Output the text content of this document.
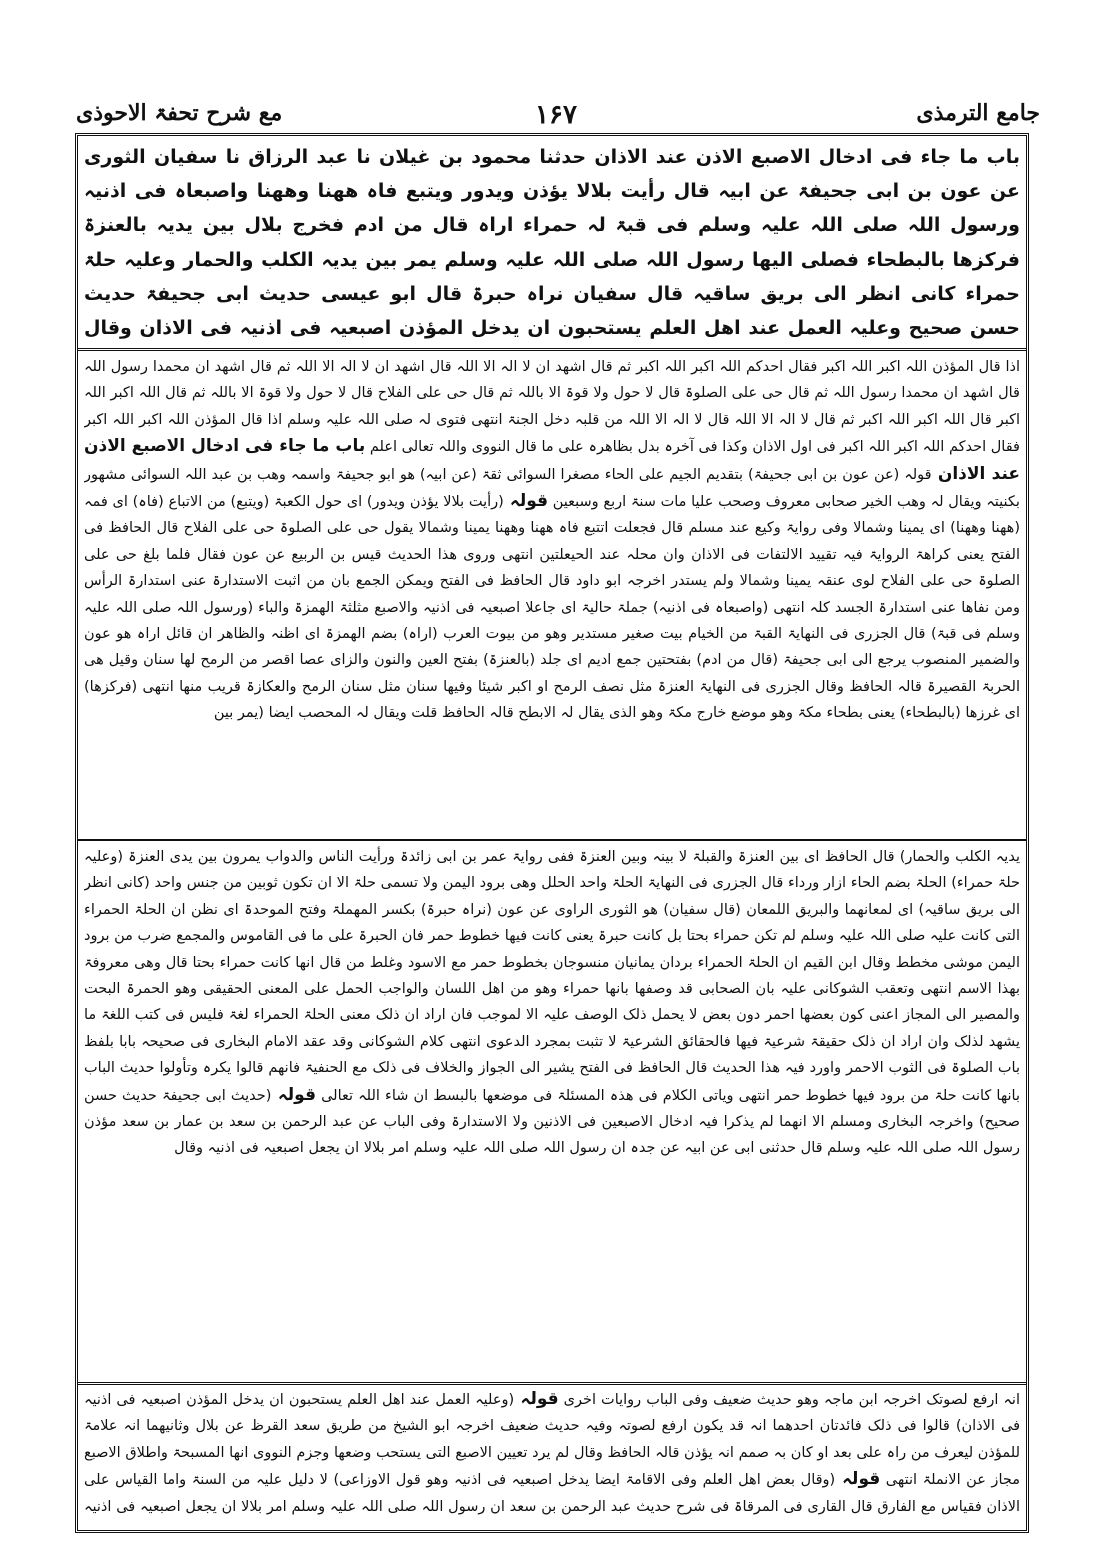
جامع الترمذی
۱۶۷
مع شرح تحفۃ الاحوذی

باب ما جاء فی ادخال الاصبع الاذن عند الاذان حدثنا محمود بن غیلان نا عبد الرزاق نا سفیان الثوری عن عون بن ابی جحیفۃ عن ابیہ قال رأیت بلالا یؤذن ویدور ویتبع فاہ ھھنا وھھنا واصبعاہ فی اذنیہ ورسول اللہ صلی اللہ علیہ وسلم فی قبۃ لہ حمراء اراہ قال من ادم فخرج بلال بین یدیہ بالعنزۃ فرکزھا بالبطحاء فصلی الیھا رسول اللہ صلی اللہ علیہ وسلم یمر بین یدیہ الکلب والحمار وعلیہ حلۃ حمراء کانی انظر الی بریق ساقیہ قال سفیان نراہ حبرۃ قال ابو عیسی حدیث ابی جحیفۃ حدیث حسن صحیح وعلیہ العمل عند اھل العلم یستحبون ان یدخل المؤذن اصبعیہ فی اذنیہ فی الاذان وقال

اذا قال المؤذن اللہ اکبر اللہ اکبر فقال احدکم اللہ اکبر اللہ اکبر ثم قال اشھد ان لا الہ الا اللہ قال اشھد ان لا الہ الا اللہ ثم قال اشھد ان محمدا رسول اللہ قال اشھد ان محمدا رسول اللہ ثم قال حی علی الصلوۃ قال لا حول ولا قوۃ الا باللہ ثم قال حی علی الفلاح قال لا حول ولا قوۃ الا باللہ ثم قال اللہ اکبر اللہ اکبر قال اللہ اکبر اللہ اکبر ثم قال لا الہ الا اللہ قال لا الہ الا اللہ من قلبہ دخل الجنۃ انتھی فتوی لہ صلی اللہ علیہ وسلم اذا قال المؤذن اللہ اکبر اللہ اکبر فقال احدکم اللہ اکبر اللہ اکبر فی اول الاذان وکذا فی آخرہ بدل بظاھرہ علی ما قال النووی واللہ تعالی اعلم باب ما جاء فی ادخال الاصبع الاذن عند الاذان قولہ (عن عون بن ابی جحیفۃ) بتقدیم الجیم علی الحاء مصغرا السوائی ثقۃ (عن ابیہ) ھو ابو جحیفۃ واسمہ وھب بن عبد اللہ السوائی مشھور بکنیتہ ویقال لہ وھب الخیر صحابی معروف وصحب علیا مات سنۃ اربع وسبعین قولہ (رأیت بلالا یؤذن ویدور) ای حول الکعبۃ (ویتبع) من الاتباع (فاہ) ای فمہ (ھھنا وھھنا) ای یمینا وشمالا وفی روایۃ وکیع عند مسلم قال فجعلت اتتبع فاہ ھھنا وھھنا یمینا وشمالا یقول حی علی الصلوۃ حی علی الفلاح قال الحافظ فی الفتح یعنی کراھۃ الروایۃ فیہ تقیید الالتفات فی الاذان وان محلہ عند الحیعلتین انتھی وروی ھذا الحدیث قیس بن الربیع عن عون فقال فلما بلغ حی علی الصلوۃ حی علی الفلاح لوی عنقہ یمینا وشمالا ولم یستدر اخرجہ ابو داود قال الحافظ فی الفتح ویمکن الجمع بان من اثبت الاستدارۃ عنی استدارۃ الرأس ومن نفاھا عنی استدارۃ الجسد کلہ انتھی (واصبعاہ فی اذنیہ) جملۃ حالیۃ ای جاعلا اصبعیہ فی اذنیہ والاصبع مثلثۃ الھمزۃ والباء (ورسول اللہ صلی اللہ علیہ وسلم فی قبۃ) قال الجزری فی النھایۃ القبۃ من الخیام بیت صغیر مستدیر وھو من بیوت العرب (اراہ) بضم الھمزۃ ای اظنہ والظاھر ان قائل اراہ ھو عون والضمیر المنصوب یرجع الی ابی جحیفۃ (قال من ادم) بفتحتین جمع ادیم ای جلد (بالعنزۃ) بفتح العین والنون والزای عصا اقصر من الرمح لھا سنان وقیل ھی الحربۃ القصیرۃ قالہ الحافظ وقال الجزری فی النھایۃ العنزۃ مثل نصف الرمح او اکبر شیئا وفیھا سنان مثل سنان الرمح والعکازۃ قریب منھا انتھی (فرکزھا) ای غرزھا (بالبطحاء) یعنی بطحاء مکۃ وھو موضع خارج مکۃ وھو الذی یقال لہ الابطح قالہ الحافظ قلت ویقال لہ المحصب ایضا (یمر بین

یدیہ الکلب والحمار) قال الحافظ ای بین العنزۃ والقبلۃ لا بینہ وبین العنزۃ ففی روایۃ عمر بن ابی زائدۃ ورأیت الناس والدواب یمرون بین یدی العنزۃ (وعلیہ حلۃ حمراء) الحلۃ بضم الحاء ازار ورداء قال الجزری فی النھایۃ الحلۃ واحد الحلل وھی برود الیمن ولا تسمی حلۃ الا ان تکون ثوبین من جنس واحد (کانی انظر الی بریق ساقیہ) ای لمعانھما والبریق اللمعان (قال سفیان) ھو الثوری الراوی عن عون (نراہ حبرۃ) بکسر المھملۃ وفتح الموحدۃ ای نظن ان الحلۃ الحمراء التی کانت علیہ صلی اللہ علیہ وسلم لم تکن حمراء بحتا بل کانت حبرۃ یعنی کانت فیھا خطوط حمر فان الحبرۃ علی ما فی القاموس والمجمع ضرب من برود الیمن موشی مخطط وقال ابن القیم ان الحلۃ الحمراء بردان یمانیان منسوجان بخطوط حمر مع الاسود وغلط من قال انھا کانت حمراء بحتا قال وھی معروفۃ بھذا الاسم انتھی وتعقب الشوکانی علیہ بان الصحابی قد وصفھا بانھا حمراء وھو من اھل اللسان والواجب الحمل علی المعنی الحقیقی وھو الحمرۃ البحت والمصیر الی المجاز اعنی کون بعضھا احمر دون بعض لا یحمل ذلک الوصف علیہ الا لموجب فان اراد ان ذلک معنی الحلۃ الحمراء لغۃ فلیس فی کتب اللغۃ ما یشھد لذلک وان اراد ان ذلک حقیقۃ شرعیۃ فیھا فالحقائق الشرعیۃ لا تثبت بمجرد الدعوی انتھی کلام الشوکانی وقد عقد الامام البخاری فی صحیحہ بابا بلفظ باب الصلوۃ فی الثوب الاحمر واورد فیہ ھذا الحدیث قال الحافظ فی الفتح یشیر الی الجواز والخلاف فی ذلک مع الحنفیۃ فانھم قالوا یکرہ وتأولوا حدیث الباب بانھا کانت حلۃ من برود فیھا خطوط حمر انتھی ویاتی الکلام فی ھذہ المسئلۃ فی موضعھا بالبسط ان شاء اللہ تعالی قولہ (حدیث ابی جحیفۃ حدیث حسن صحیح) واخرجہ البخاری ومسلم الا انھما لم یذکرا فیہ ادخال الاصبعین فی الاذنین ولا الاستدارۃ وفی الباب عن عبد الرحمن بن سعد بن عمار بن سعد مؤذن رسول اللہ صلی اللہ علیہ وسلم قال حدثنی ابی عن ابیہ عن جدہ ان رسول اللہ صلی اللہ علیہ وسلم امر بلالا ان یجعل اصبعیہ فی اذنیہ وقال

انہ ارفع لصوتک اخرجہ ابن ماجہ وھو حدیث ضعیف وفی الباب روایات اخری قولہ (وعلیہ العمل عند اھل العلم یستحبون ان یدخل المؤذن اصبعیہ فی اذنیہ فی الاذان) قالوا فی ذلک فائدتان احدھما انہ قد یکون ارفع لصوتہ وفیہ حدیث ضعیف اخرجہ ابو الشیخ من طریق سعد القرظ عن بلال وثانیھما انہ علامۃ للمؤذن لیعرف من راہ علی بعد او کان بہ صمم انہ یؤذن قالہ الحافظ وقال لم یرد تعیین الاصبع التی یستحب وضعھا وجزم النووی انھا المسبحۃ واطلاق الاصبع مجاز عن الانملۃ انتھی قولہ (وقال بعض اھل العلم وفی الاقامۃ ایضا یدخل اصبعیہ فی اذنیہ وھو قول الاوزاعی) لا دلیل علیہ من السنۃ واما القیاس علی الاذان فقیاس مع الفارق قال القاری فی المرقاۃ فی شرح حدیث عبد الرحمن بن سعد ان رسول اللہ صلی اللہ علیہ وسلم امر بلالا ان یجعل اصبعیہ فی اذنیہ
